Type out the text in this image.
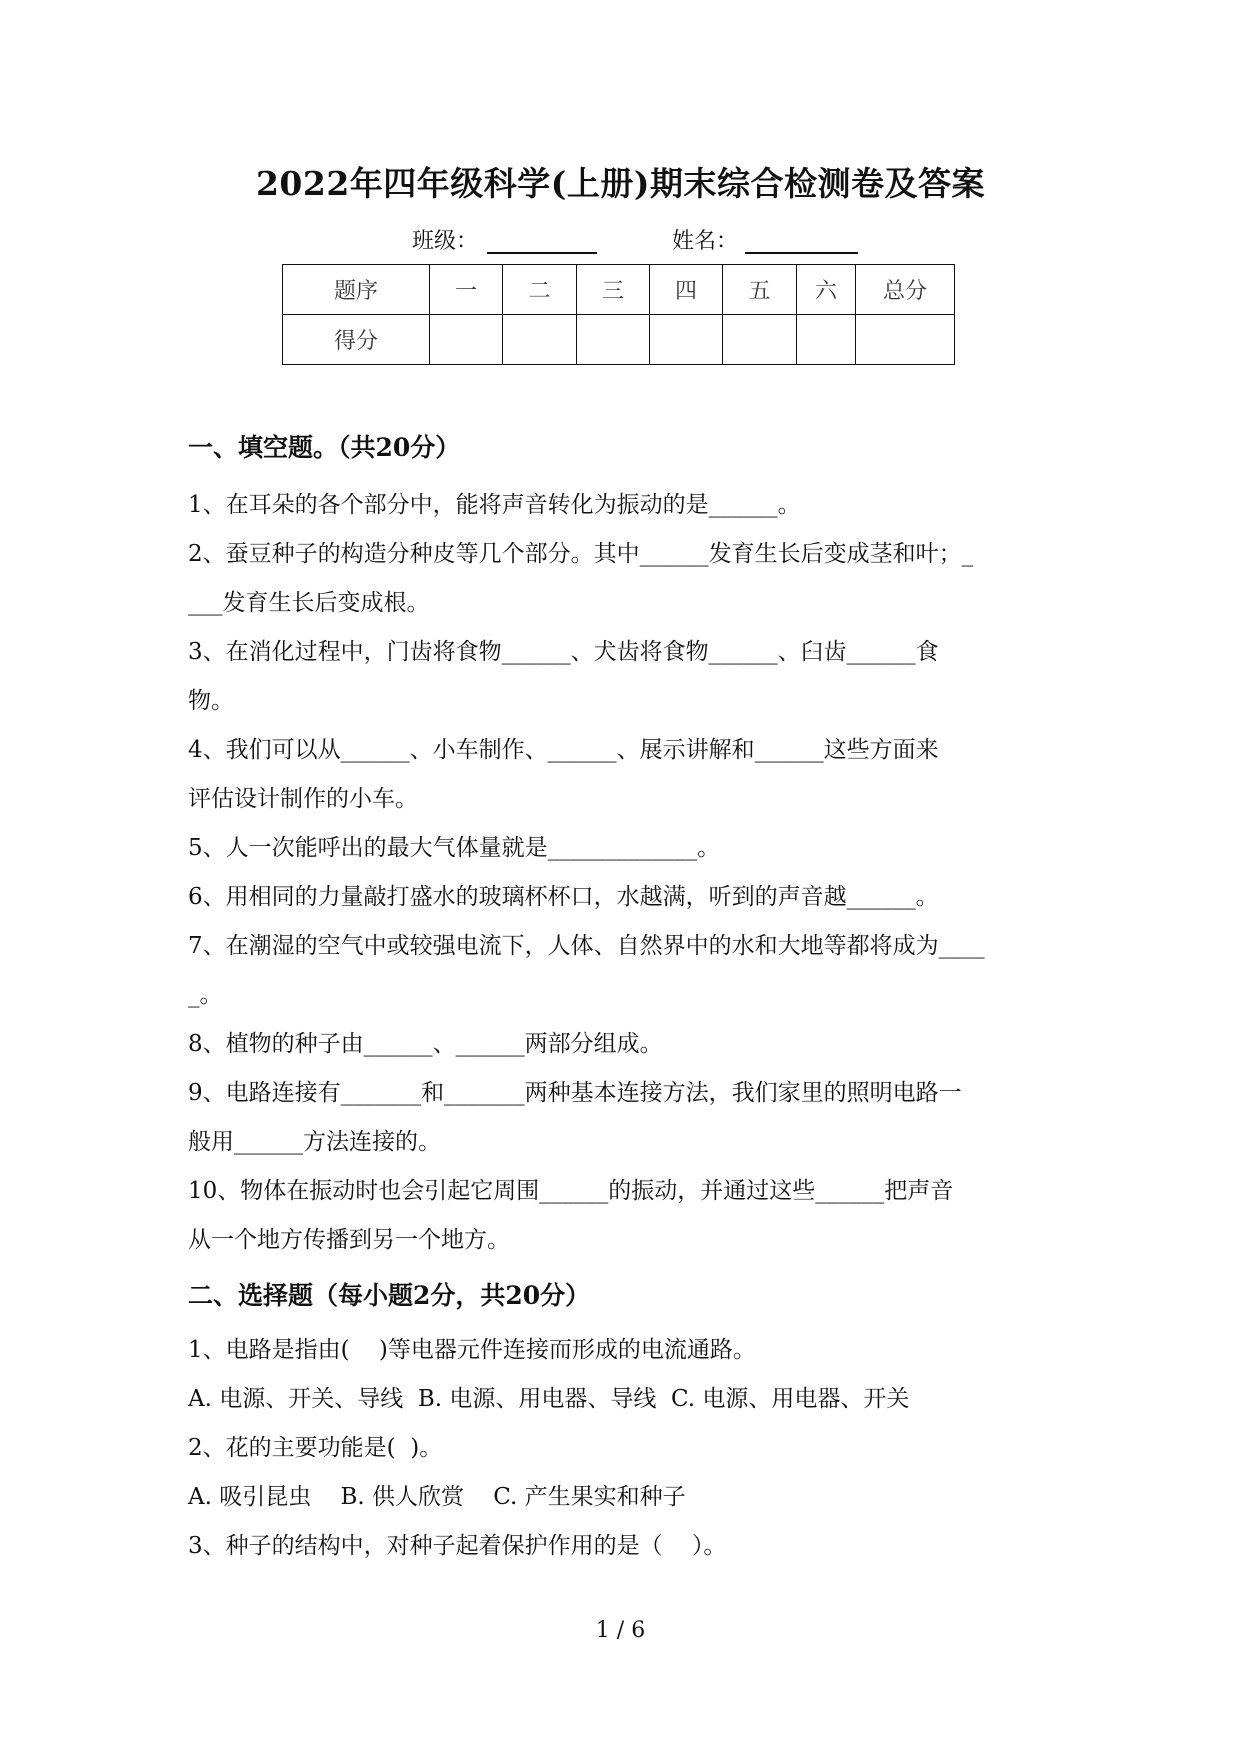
2022年四年级科学(上册)期末综合检测卷及答案
班级：	姓名：
题序	一	二	三	四	五	六	总分
得分							
一、填空题。（共20分）
1、在耳朵的各个部分中，能将声音转化为振动的是______。
2、蚕豆种子的构造分种皮等几个部分。其中______发育生长后变成茎和叶；_
___发育生长后变成根。
3、在消化过程中，门齿将食物______、犬齿将食物______、臼齿______食
物。
4、我们可以从______、小车制作、______、展示讲解和______这些方面来
评估设计制作的小车。
5、人一次能呼出的最大气体量就是_____________。
6、用相同的力量敲打盛水的玻璃杯杯口，水越满，听到的声音越______。
7、在潮湿的空气中或较强电流下，人体、自然界中的水和大地等都将成为____
_。
8、植物的种子由______、______两部分组成。
9、电路连接有_______和_______两种基本连接方法，我们家里的照明电路一
般用______方法连接的。
10、物体在振动时也会引起它周围______的振动，并通过这些______把声音
从一个地方传播到另一个地方。
二、选择题（每小题2分，共20分）
1、电路是指由(    )等电器元件连接而形成的电流通路。
A. 电源、开关、导线  B. 电源、用电器、导线  C. 电源、用电器、开关
2、花的主要功能是(  )。
A. 吸引昆虫    B. 供人欣赏    C. 产生果实和种子
3、种子的结构中，对种子起着保护作用的是（    ）。
1 / 6
